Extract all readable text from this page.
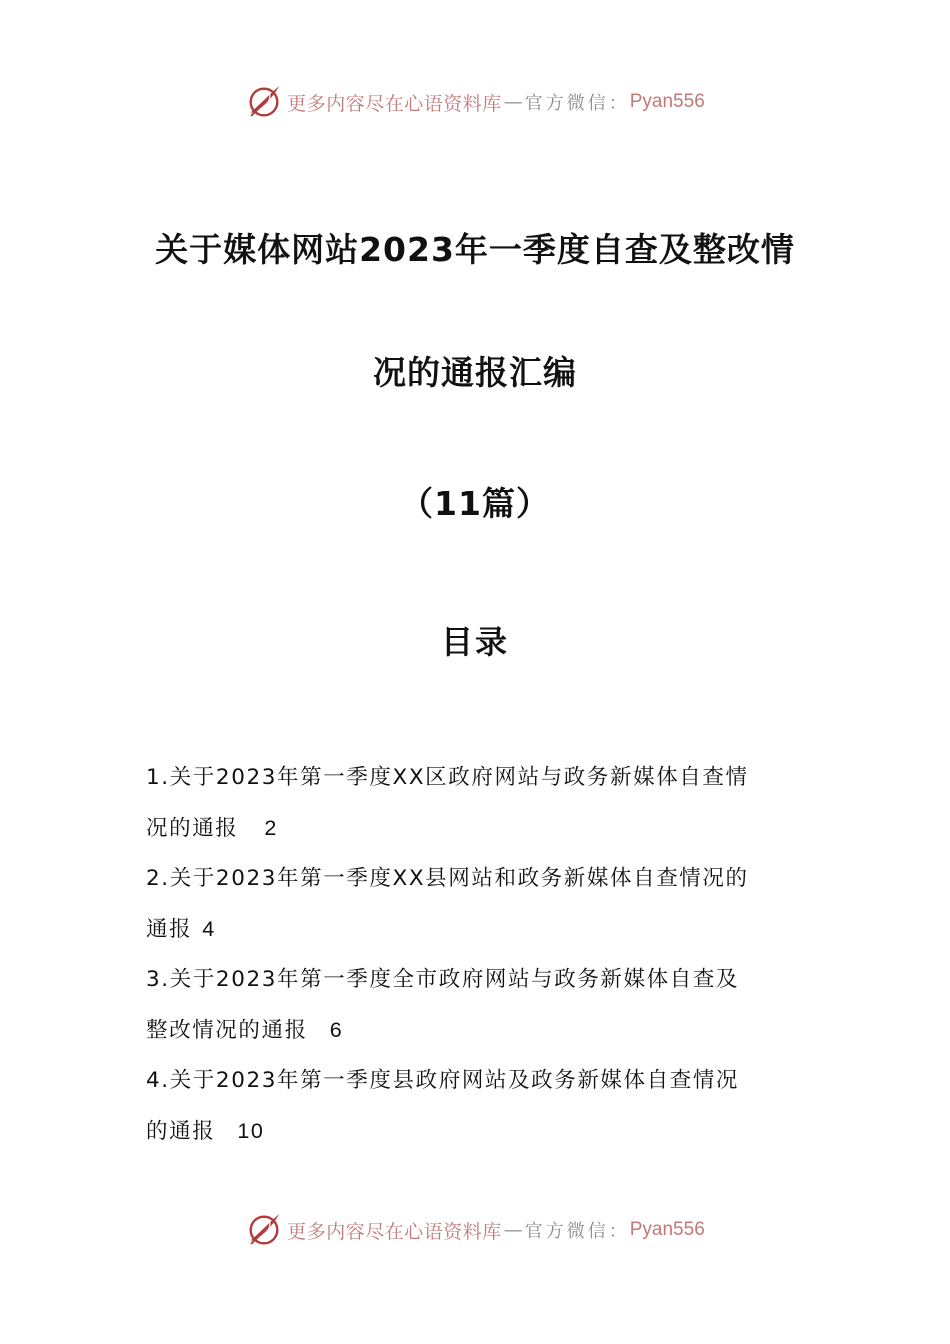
更多内容尽在心语资料库 — 官方微信： Pyan556
关于媒体网站2023年一季度自查及整改情
况的通报汇编
（11篇）
目录
1.关于2023年第一季度XX区政府网站与政务新媒体自查情
况的通报 2
2.关于2023年第一季度XX县网站和政务新媒体自查情况的
通报 4
3.关于2023年第一季度全市政府网站与政务新媒体自查及
整改情况的通报 6
4.关于2023年第一季度县政府网站及政务新媒体自查情况
的通报 10
更多内容尽在心语资料库 — 官方微信： Pyan556
